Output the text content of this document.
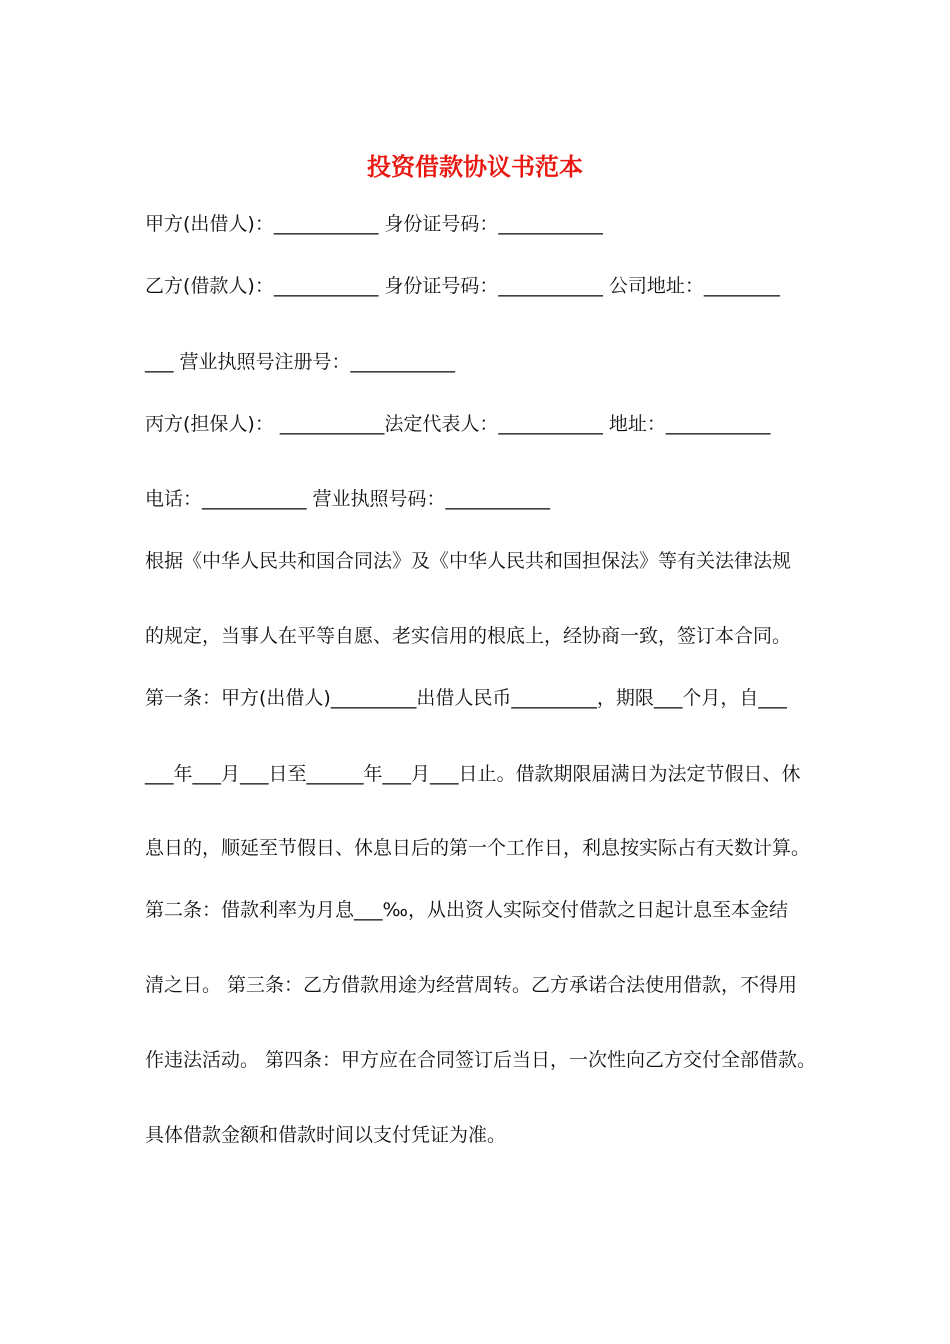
投资借款协议书范本

甲方(出借人)：___________ 身份证号码：___________

乙方(借款人)：___________ 身份证号码：___________ 公司地址：________

___ 营业执照号注册号：___________

丙方(担保人)： ___________法定代表人：___________ 地址：___________

电话：___________ 营业执照号码：___________

根据《中华人民共和国合同法》及《中华人民共和国担保法》等有关法律法规

的规定，当事人在平等自愿、老实信用的根底上，经协商一致，签订本合同。

第一条：甲方(出借人)_________出借人民币_________，期限___个月，自___

___年___月___日至______年___月___日止。借款期限届满日为法定节假日、休

息日的，顺延至节假日、休息日后的第一个工作日，利息按实际占有天数计算。

第二条：借款利率为月息___‰，从出资人实际交付借款之日起计息至本金结

清之日。 第三条：乙方借款用途为经营周转。乙方承诺合法使用借款，不得用

作违法活动。 第四条：甲方应在合同签订后当日，一次性向乙方交付全部借款。

具体借款金额和借款时间以支付凭证为准。
